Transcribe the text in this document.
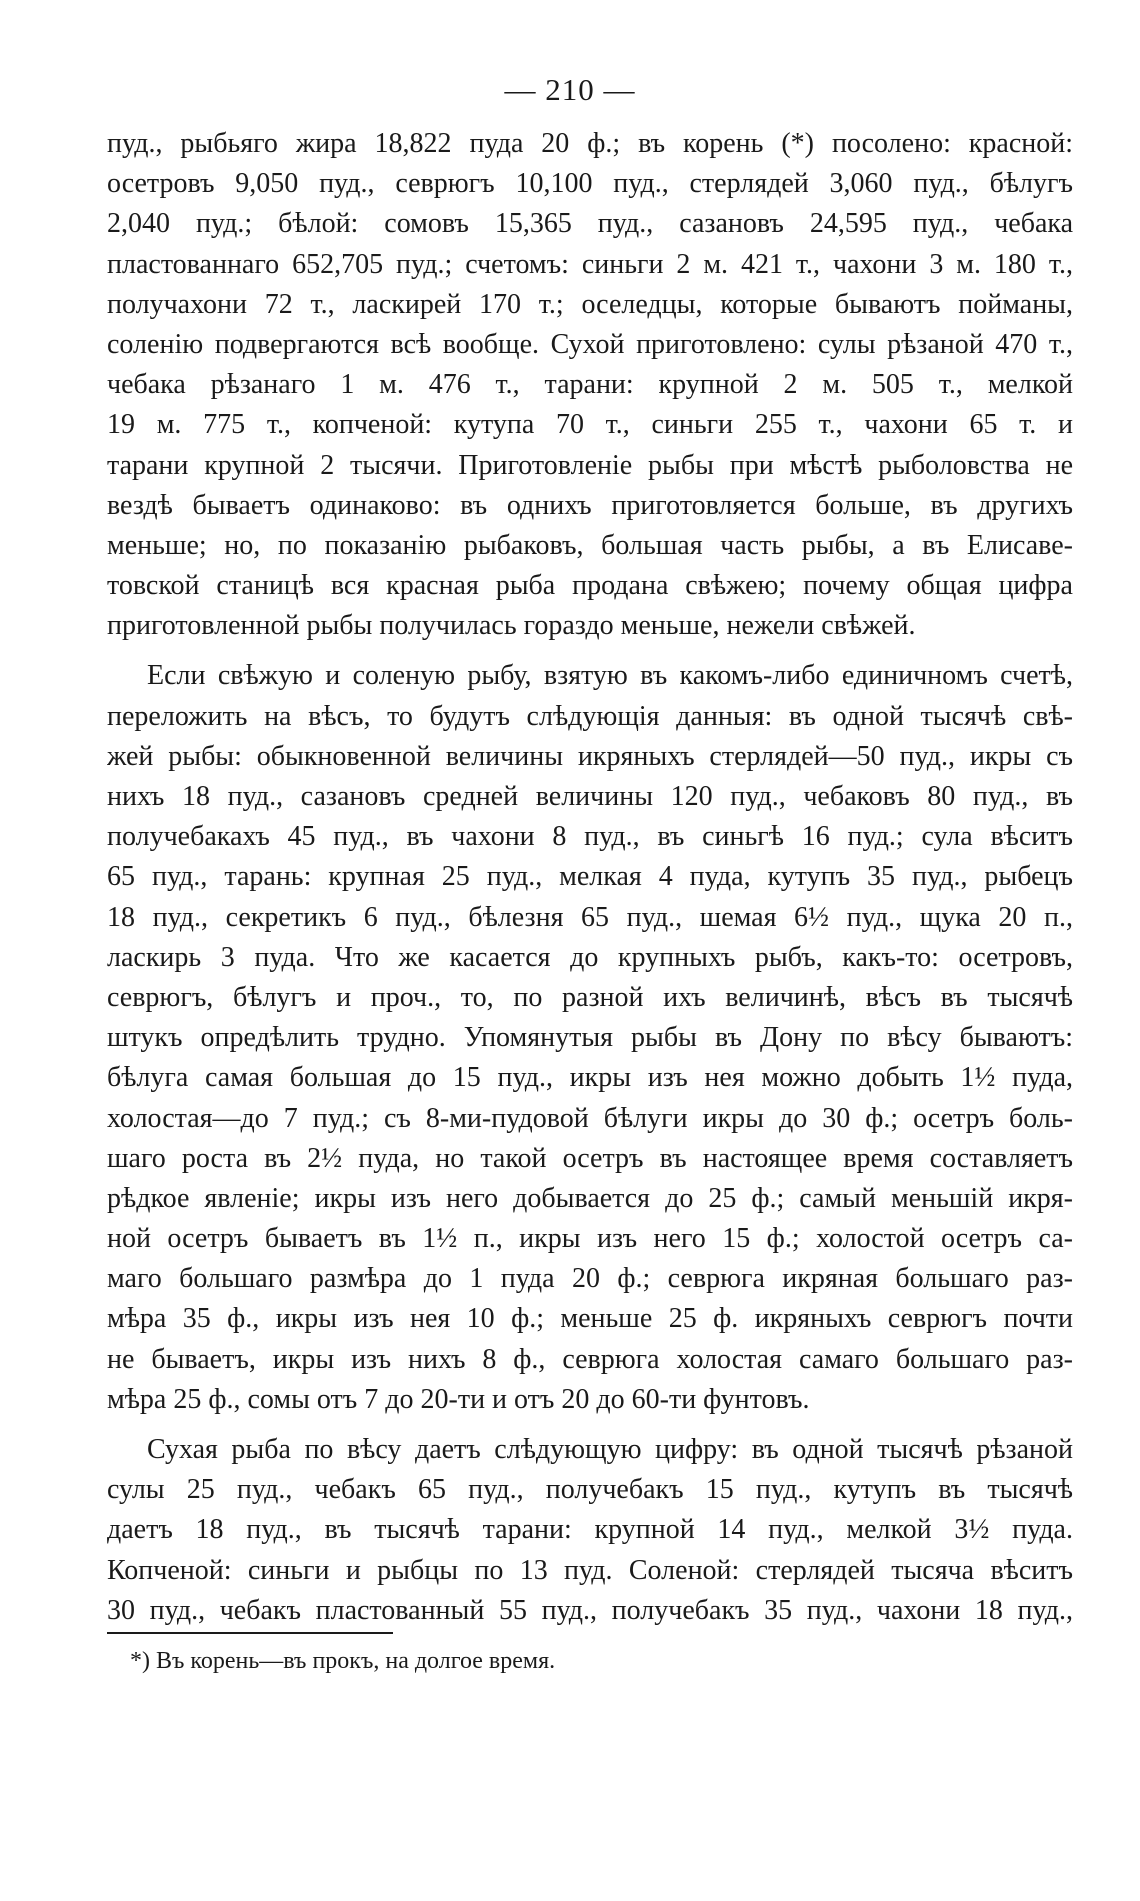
— 210 —
пуд., рыбьяго жира 18,822 пуда 20 ф.; въ корень (*) посолено: красной:
осетровъ 9,050 пуд., севрюгъ 10,100 пуд., стерлядей 3,060 пуд., бѣлугъ
2,040 пуд.; бѣлой: сомовъ 15,365 пуд., сазановъ 24,595 пуд., чебака
пластованнаго 652,705 пуд.; счетомъ: синьги 2 м. 421 т., чахони 3 м. 180 т.,
получахони 72 т., ласкирей 170 т.; оселедцы, которые бываютъ пойманы,
соленію подвергаются всѣ вообще. Сухой приготовлено: сулы рѣзаной 470 т.,
чебака рѣзанаго 1 м. 476 т., тарани: крупной 2 м. 505 т., мелкой
19 м. 775 т., копченой: кутупа 70 т., синьги 255 т., чахони 65 т. и
тарани крупной 2 тысячи. Приготовленіе рыбы при мѣстѣ рыболовства не
вездѣ бываетъ одинаково: въ однихъ приготовляется больше, въ другихъ
меньше; но, по показанію рыбаковъ, большая часть рыбы, а въ Елисаве-
товской станицѣ вся красная рыба продана свѣжею; почему общая цифра
приготовленной рыбы получилась гораздо меньше, нежели свѣжей.
Если свѣжую и соленую рыбу, взятую въ какомъ-либо единичномъ счетѣ,
переложить на вѣсъ, то будутъ слѣдующія данныя: въ одной тысячѣ свѣ-
жей рыбы: обыкновенной величины икряныхъ стерлядей—50 пуд., икры съ
нихъ 18 пуд., сазановъ средней величины 120 пуд., чебаковъ 80 пуд., въ
получебакахъ 45 пуд., въ чахони 8 пуд., въ синьгѣ 16 пуд.; сула вѣситъ
65 пуд., тарань: крупная 25 пуд., мелкая 4 пуда, кутупъ 35 пуд., рыбецъ
18 пуд., секретикъ 6 пуд., бѣлезня 65 пуд., шемая 6½ пуд., щука 20 п.,
ласкирь 3 пуда. Что же касается до крупныхъ рыбъ, какъ-то: осетровъ,
севрюгъ, бѣлугъ и проч., то, по разной ихъ величинѣ, вѣсъ въ тысячѣ
штукъ опредѣлить трудно. Упомянутыя рыбы въ Дону по вѣсу бываютъ:
бѣлуга самая большая до 15 пуд., икры изъ нея можно добыть 1½ пуда,
холостая—до 7 пуд.; съ 8-ми-пудовой бѣлуги икры до 30 ф.; осетръ боль-
шаго роста въ 2½ пуда, но такой осетръ въ настоящее время составляетъ
рѣдкое явленіе; икры изъ него добывается до 25 ф.; самый меньшій икря-
ной осетръ бываетъ въ 1½ п., икры изъ него 15 ф.; холостой осетръ са-
маго большаго размѣра до 1 пуда 20 ф.; севрюга икряная большаго раз-
мѣра 35 ф., икры изъ нея 10 ф.; меньше 25 ф. икряныхъ севрюгъ почти
не бываетъ, икры изъ нихъ 8 ф., севрюга холостая самаго большаго раз-
мѣра 25 ф., сомы отъ 7 до 20-ти и отъ 20 до 60-ти фунтовъ.
Сухая рыба по вѣсу даетъ слѣдующую цифру: въ одной тысячѣ рѣзаной
сулы 25 пуд., чебакъ 65 пуд., получебакъ 15 пуд., кутупъ въ тысячѣ
даетъ 18 пуд., въ тысячѣ тарани: крупной 14 пуд., мелкой 3½ пуда.
Копченой: синьги и рыбцы по 13 пуд. Соленой: стерлядей тысяча вѣситъ
30 пуд., чебакъ пластованный 55 пуд., получебакъ 35 пуд., чахони 18 пуд.,
*) Въ корень—въ прокъ, на долгое время.
